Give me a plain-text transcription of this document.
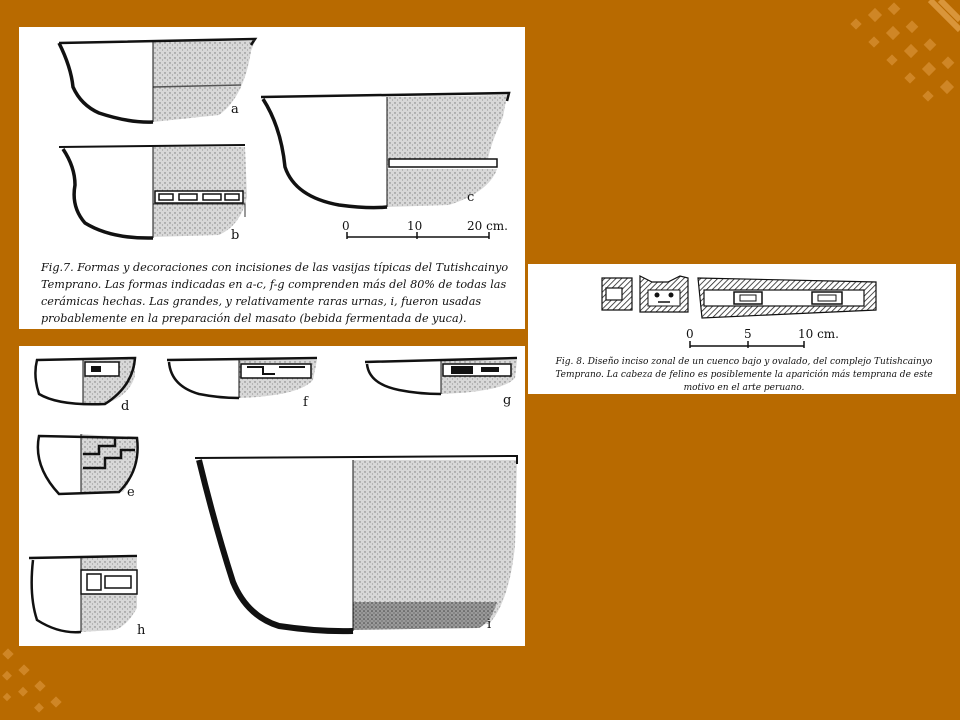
a
b
c
0	10	20 cm.
Fig.7. Formas y decoraciones con incisiones de las vasijas típicas del Tutishcainyo Temprano. Las formas indicadas en a-c, f-g comprenden más del 80% de todas las cerámicas hechas. Las grandes, y relativamente raras urnas, i, fueron usadas probablemente en la preparación del masato (bebida fermentada de yuca).
d	f	g
e
h	i
0	5	10 cm.
Fig. 8. Diseño inciso zonal de un cuenco bajo y ovalado, del complejo Tutishcainyo Temprano. La cabeza de felino es posiblemente la aparición más temprana de este motivo en el arte peruano.
